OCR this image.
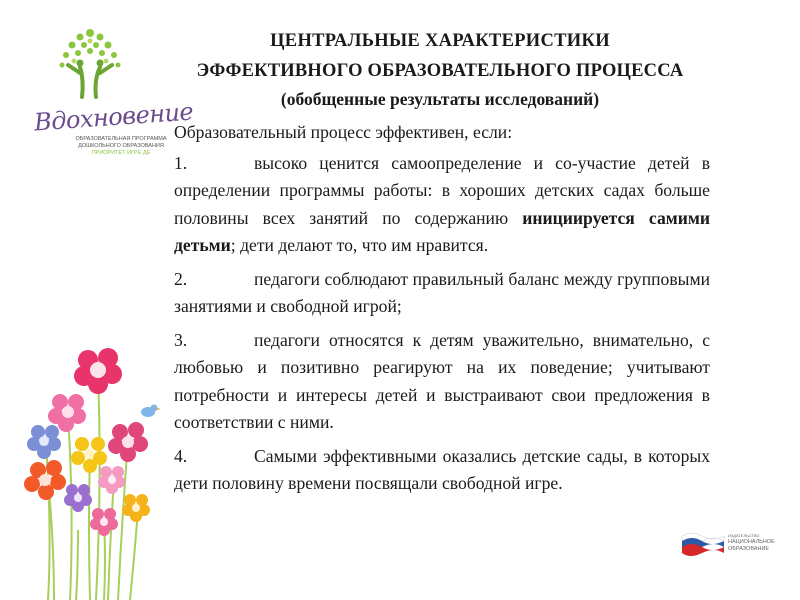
Вдохновение
ОБРАЗОВАТЕЛЬНАЯ ПРОГРАММА ДОШКОЛЬНОГО ОБРАЗОВАНИЯ
ПРИОРИТЕТ ИГРЕ ДЕ
ЦЕНТРАЛЬНЫЕ ХАРАКТЕРИСТИКИ
ЭФФЕКТИВНОГО ОБРАЗОВАТЕЛЬНОГО ПРОЦЕССА
(обобщенные результаты исследований)

Образовательный процесс эффективен, если:

1.	высоко ценится самоопределение и со-участие детей в определении программы работы: в хороших детских садах больше половины всех занятий по содержанию инициируется самими детьми; дети делают то, что им нравится.

2.	педагоги соблюдают правильный баланс между групповыми занятиями и свободной игрой;

3.	педагоги относятся к детям уважительно, внимательно, с любовью и позитивно реагируют на их поведение; учитывают потребности и интересы детей и выстраивают свои предложения в соответствии с ними.

4.	Самыми эффективными оказались детские сады, в которых дети половину времени посвящали свободной игре.

ИЗДАТЕЛЬСТВО
НАЦИОНАЛЬНОЕ
ОБРАЗОВАНИЕ
